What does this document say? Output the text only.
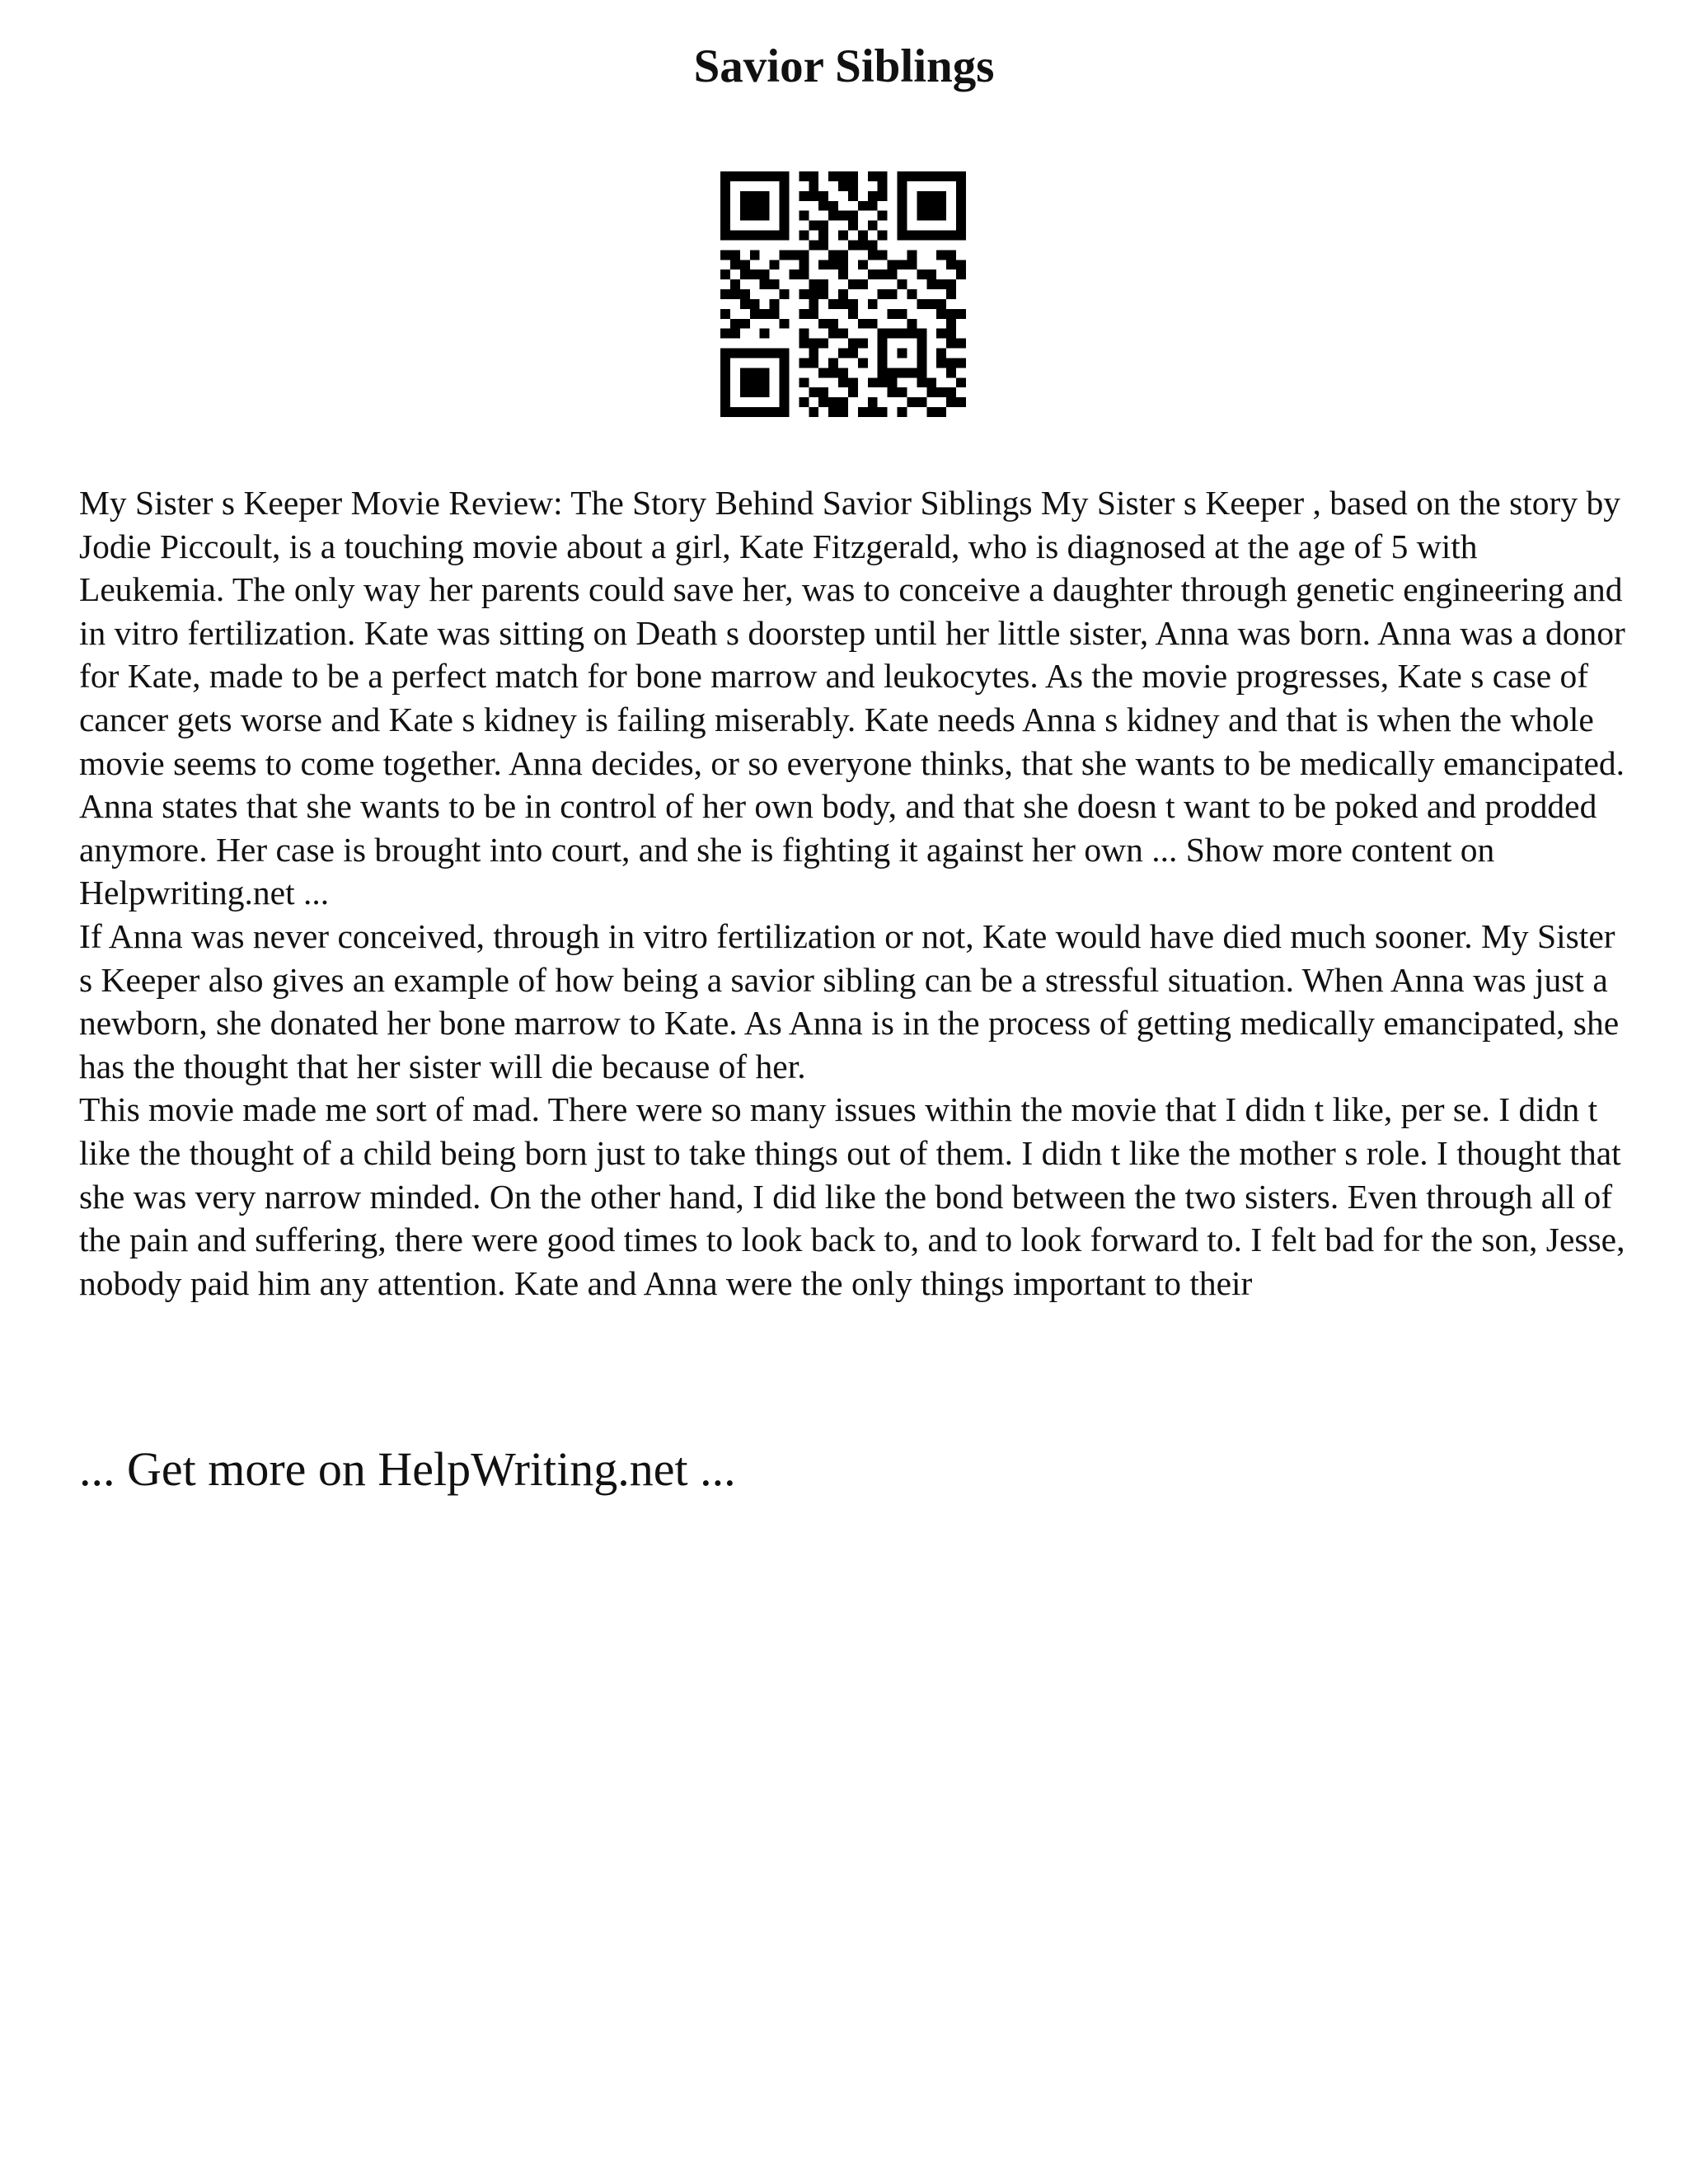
Savior Siblings

My Sister s Keeper Movie Review: The Story Behind Savior Siblings My Sister s Keeper , based on the story by Jodie Piccoult, is a touching movie about a girl, Kate Fitzgerald, who is diagnosed at the age of 5 with Leukemia. The only way her parents could save her, was to conceive a daughter through genetic engineering and in vitro fertilization. Kate was sitting on Death s doorstep until her little sister, Anna was born. Anna was a donor for Kate, made to be a perfect match for bone marrow and leukocytes. As the movie progresses, Kate s case of cancer gets worse and Kate s kidney is failing miserably. Kate needs Anna s kidney and that is when the whole movie seems to come together. Anna decides, or so everyone thinks, that she wants to be medically emancipated. Anna states that she wants to be in control of her own body, and that she doesn t want to be poked and prodded anymore. Her case is brought into court, and she is fighting it against her own ... Show more content on Helpwriting.net ...

If Anna was never conceived, through in vitro fertilization or not, Kate would have died much sooner. My Sister s Keeper also gives an example of how being a savior sibling can be a stressful situation. When Anna was just a newborn, she donated her bone marrow to Kate. As Anna is in the process of getting medically emancipated, she has the thought that her sister will die because of her.

This movie made me sort of mad. There were so many issues within the movie that I didn t like, per se. I didn t like the thought of a child being born just to take things out of them. I didn t like the mother s role. I thought that she was very narrow minded. On the other hand, I did like the bond between the two sisters. Even through all of the pain and suffering, there were good times to look back to, and to look forward to. I felt bad for the son, Jesse, nobody paid him any attention. Kate and Anna were the only things important to their

... Get more on HelpWriting.net ...
